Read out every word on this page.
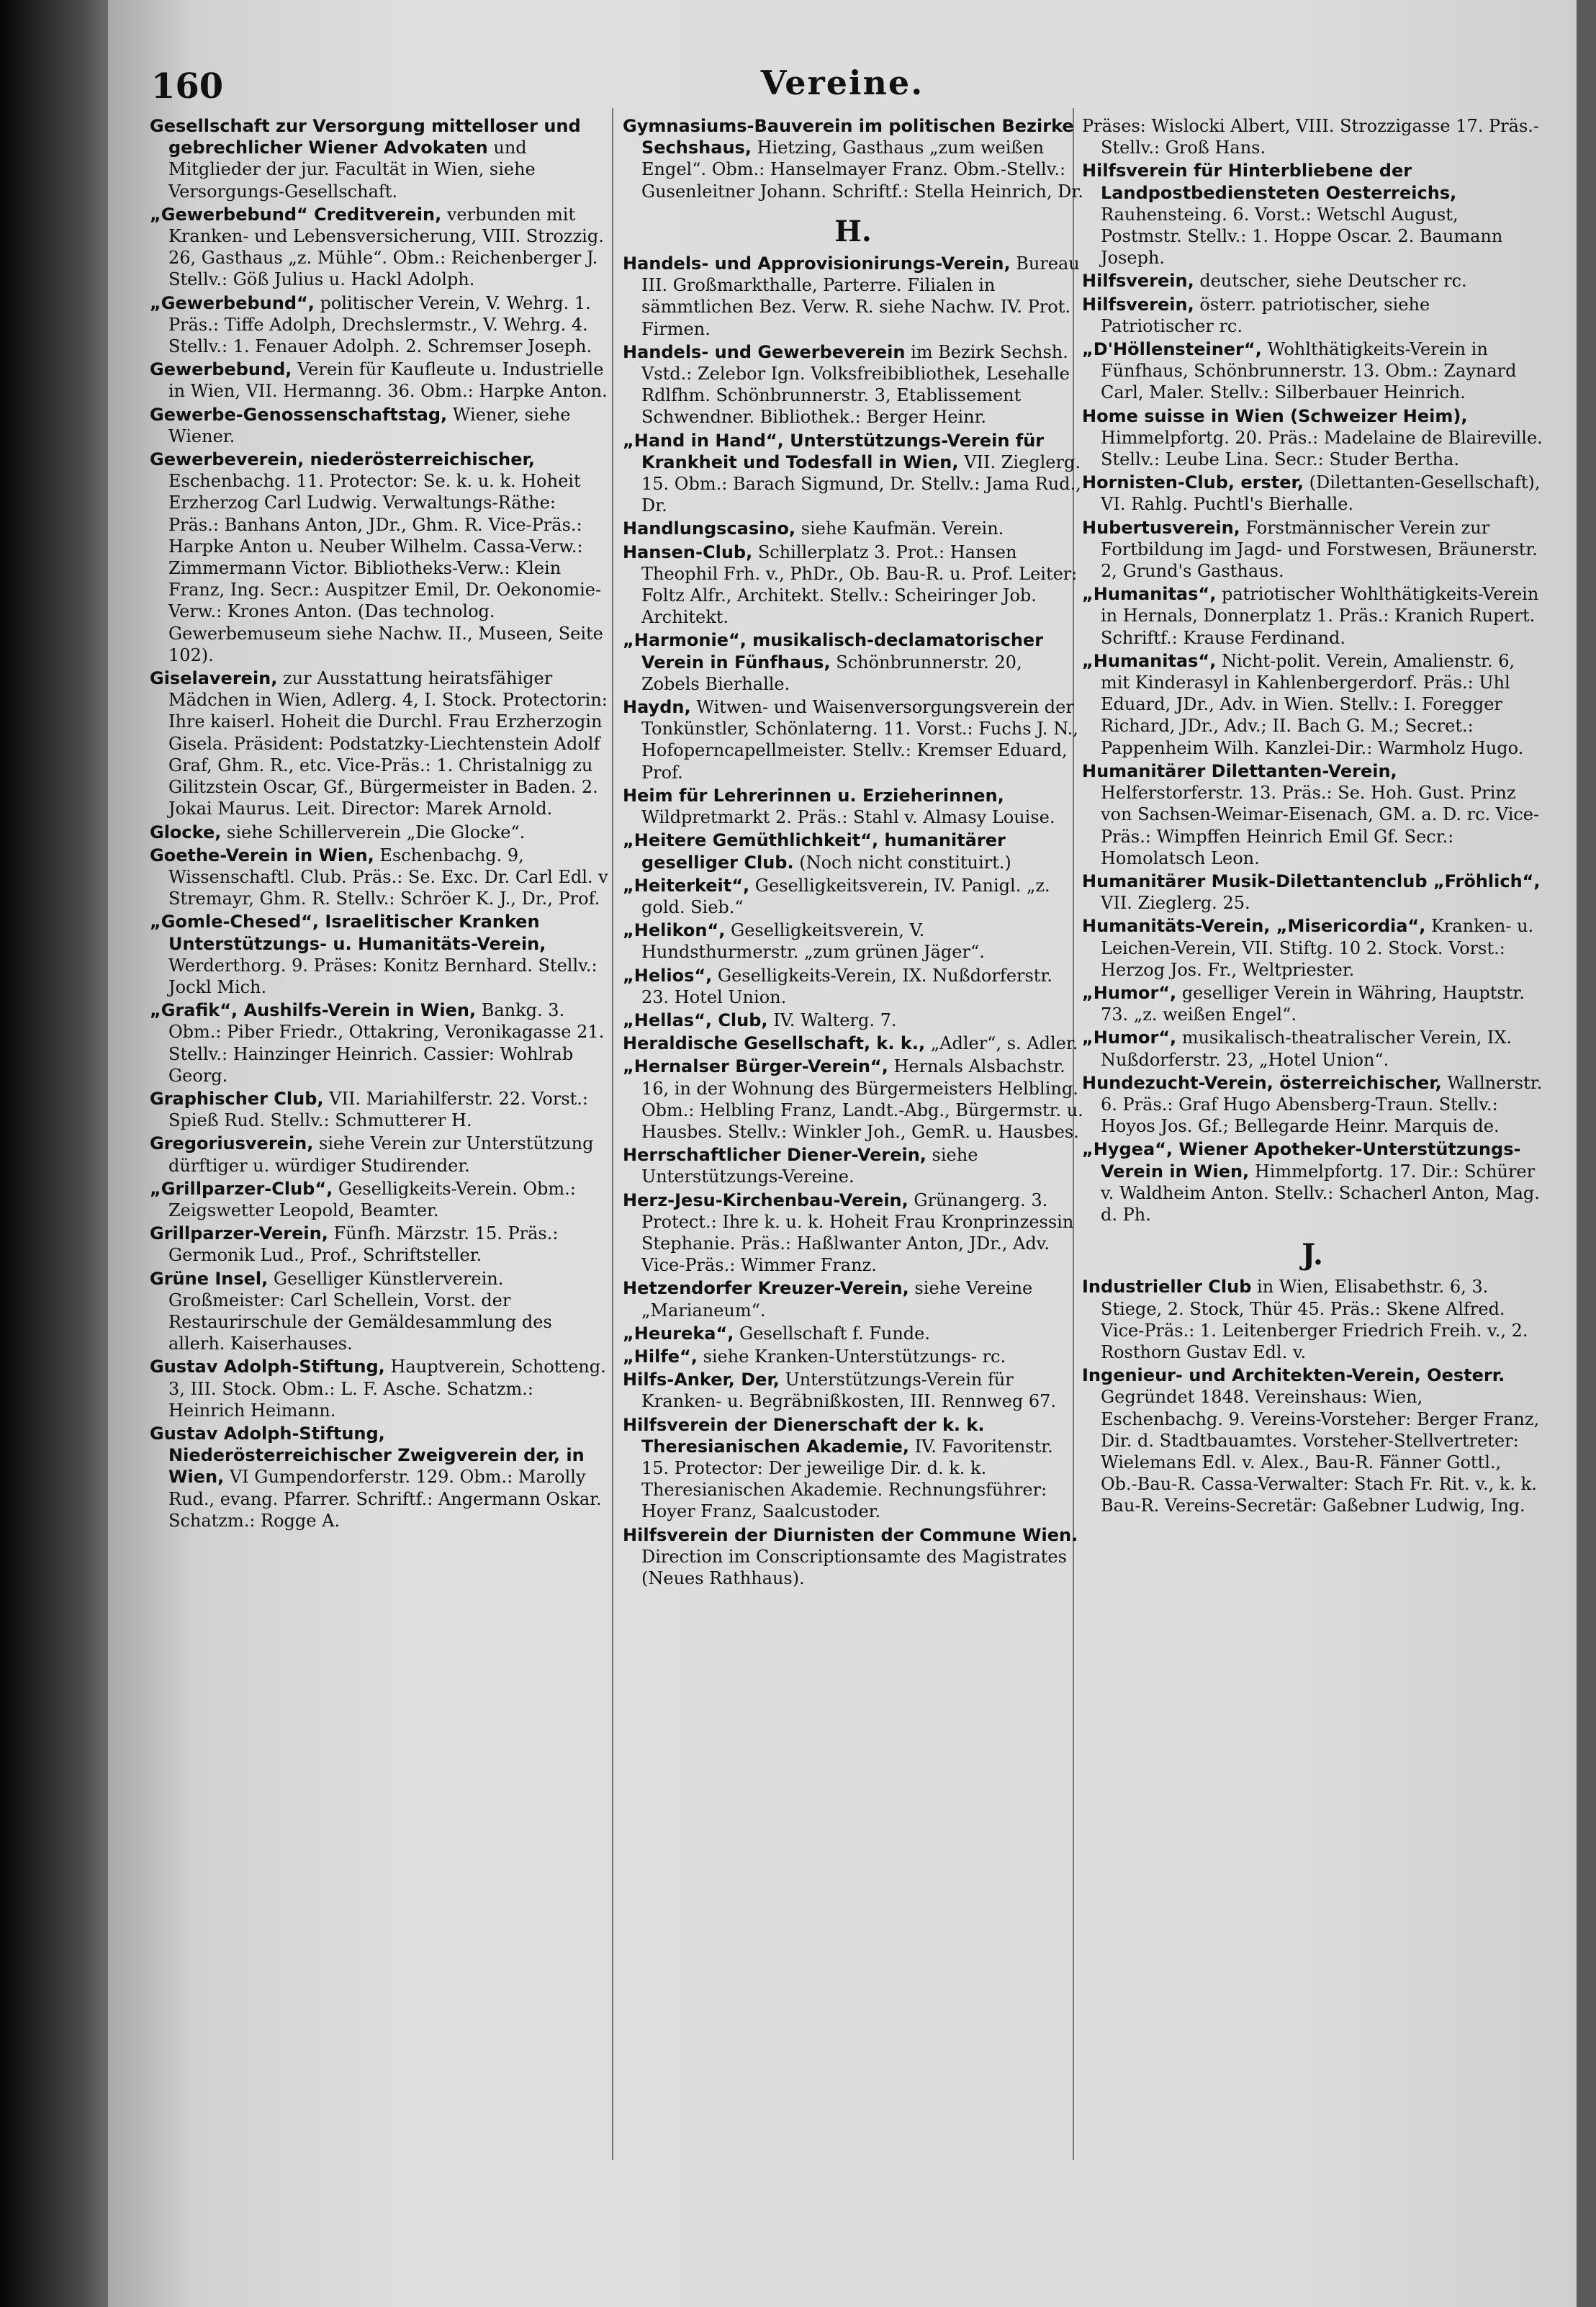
160	Vereine.

Gesellschaft zur Versorgung mittelloser und gebrechlicher Wiener Advokaten und Mitglieder der jur. Facultät in Wien, siehe Versorgungs-Gesellschaft.

„Gewerbebund“ Creditverein, verbunden mit Kranken- und Lebensversicherung, VIII. Strozzig. 26, Gasthaus „z. Mühle“. Obm.: Reichenberger J. Stellv.: Göß Julius u. Hackl Adolph.

„Gewerbebund“, politischer Verein, V. Wehrg. 1. Präs.: Tiffe Adolph, Drechslermstr., V. Wehrg. 4. Stellv.: 1. Fenauer Adolph. 2. Schremser Joseph.

Gewerbebund, Verein für Kaufleute u. Industrielle in Wien, VII. Hermanng. 36. Obm.: Harpke Anton.

Gewerbe-Genossenschaftstag, Wiener, siehe Wiener.

Gewerbeverein, niederösterreichischer, Eschenbachg. 11. Protector: Se. k. u. k. Hoheit Erzherzog Carl Ludwig. Verwaltungs-Räthe: Präs.: Banhans Anton, JDr., Ghm. R. Vice-Präs.: Harpke Anton u. Neuber Wilhelm. Cassa-Verw.: Zimmermann Victor. Bibliotheks-Verw.: Klein Franz, Ing. Secr.: Auspitzer Emil, Dr. Oekonomie-Verw.: Krones Anton. (Das technolog. Gewerbemuseum siehe Nachw. II., Museen, Seite 102).

Giselaverein, zur Ausstattung heiratsfähiger Mädchen in Wien, Adlerg. 4, I. Stock. Protectorin: Ihre kaiserl. Hoheit die Durchl. Frau Erzherzogin Gisela. Präsident: Podstatzky-Liechtenstein Adolf Graf, Ghm. R., etc. Vice-Präs.: 1. Christalnigg zu Gilitzstein Oscar, Gf., Bürgermeister in Baden. 2. Jokai Maurus. Leit. Director: Marek Arnold.

Glocke, siehe Schillerverein „Die Glocke“.

Goethe-Verein in Wien, Eschenbachg. 9, Wissenschaftl. Club. Präs.: Se. Exc. Dr. Carl Edl. v Stremayr, Ghm. R. Stellv.: Schröer K. J., Dr., Prof.

„Gomle-Chesed“, Israelitischer Kranken Unterstützungs- u. Humanitäts-Verein, Werderthorg. 9. Präses: Konitz Bernhard. Stellv.: Jockl Mich.

„Grafik“, Aushilfs-Verein in Wien, Bankg. 3. Obm.: Piber Friedr., Ottakring, Veronikagasse 21. Stellv.: Hainzinger Heinrich. Cassier: Wohlrab Georg.

Graphischer Club, VII. Mariahilferstr. 22. Vorst.: Spieß Rud. Stellv.: Schmutterer H.

Gregoriusverein, siehe Verein zur Unterstützung dürftiger u. würdiger Studirender.

„Grillparzer-Club“, Geselligkeits-Verein. Obm.: Zeigswetter Leopold, Beamter.

Grillparzer-Verein, Fünfh. Märzstr. 15. Präs.: Germonik Lud., Prof., Schriftsteller.

Grüne Insel, Geselliger Künstlerverein. Großmeister: Carl Schellein, Vorst. der Restaurirschule der Gemäldesammlung des allerh. Kaiserhauses.

Gustav Adolph-Stiftung, Hauptverein, Schotteng. 3, III. Stock. Obm.: L. F. Asche. Schatzm.: Heinrich Heimann.

Gustav Adolph-Stiftung, Niederösterreichischer Zweigverein der, in Wien, VI Gumpendorferstr. 129. Obm.: Marolly Rud., evang. Pfarrer. Schriftf.: Angermann Oskar. Schatzm.: Rogge A.

Gymnasiums-Bauverein im politischen Bezirke Sechshaus, Hietzing, Gasthaus „zum weißen Engel“. Obm.: Hanselmayer Franz. Obm.-Stellv.: Gusenleitner Johann. Schriftf.: Stella Heinrich, Dr.

H.

Handels- und Approvisionirungs-Verein, Bureau III. Großmarkthalle, Parterre. Filialen in sämmtlichen Bez. Verw. R. siehe Nachw. IV. Prot. Firmen.

Handels- und Gewerbeverein im Bezirk Sechsh. Vstd.: Zelebor Ign. Volksfreibibliothek, Lesehalle Rdlfhm. Schönbrunnerstr. 3, Etablissement Schwendner. Bibliothek.: Berger Heinr.

„Hand in Hand“, Unterstützungs-Verein für Krankheit und Todesfall in Wien, VII. Zieglerg. 15. Obm.: Barach Sigmund, Dr. Stellv.: Jama Rud., Dr.

Handlungscasino, siehe Kaufmän. Verein.

Hansen-Club, Schillerplatz 3. Prot.: Hansen Theophil Frh. v., PhDr., Ob. Bau-R. u. Prof. Leiter: Foltz Alfr., Architekt. Stellv.: Scheiringer Job. Architekt.

„Harmonie“, musikalisch-declamatorischer Verein in Fünfhaus, Schönbrunnerstr. 20, Zobels Bierhalle.

Haydn, Witwen- und Waisenversorgungsverein der Tonkünstler, Schönlaterng. 11. Vorst.: Fuchs J. N., Hofoperncapellmeister. Stellv.: Kremser Eduard, Prof.

Heim für Lehrerinnen u. Erzieherinnen, Wildpretmarkt 2. Präs.: Stahl v. Almasy Louise.

„Heitere Gemüthlichkeit“, humanitärer geselliger Club. (Noch nicht constituirt.)

„Heiterkeit“, Geselligkeitsverein, IV. Panigl. „z. gold. Sieb.“

„Helikon“, Geselligkeitsverein, V. Hundsthurmerstr. „zum grünen Jäger“.

„Helios“, Geselligkeits-Verein, IX. Nußdorferstr. 23. Hotel Union.

„Hellas“, Club, IV. Walterg. 7.

Heraldische Gesellschaft, k. k., „Adler“, s. Adler.

„Hernalser Bürger-Verein“, Hernals Alsbachstr. 16, in der Wohnung des Bürgermeisters Helbling. Obm.: Helbling Franz, Landt.-Abg., Bürgermstr. u. Hausbes. Stellv.: Winkler Joh., GemR. u. Hausbes.

Herrschaftlicher Diener-Verein, siehe Unterstützungs-Vereine.

Herz-Jesu-Kirchenbau-Verein, Grünangerg. 3. Protect.: Ihre k. u. k. Hoheit Frau Kronprinzessin Stephanie. Präs.: Haßlwanter Anton, JDr., Adv. Vice-Präs.: Wimmer Franz.

Hetzendorfer Kreuzer-Verein, siehe Vereine „Marianeum“.

„Heureka“, Gesellschaft f. Funde.

„Hilfe“, siehe Kranken-Unterstützungs- rc.

Hilfs-Anker, Der, Unterstützungs-Verein für Kranken- u. Begräbnißkosten, III. Rennweg 67.

Hilfsverein der Dienerschaft der k. k. Theresianischen Akademie, IV. Favoritenstr. 15. Protector: Der jeweilige Dir. d. k. k. Theresianischen Akademie. Rechnungsführer: Hoyer Franz, Saalcustoder.

Hilfsverein der Diurnisten der Commune Wien. Direction im Conscriptionsamte des Magistrates (Neues Rathhaus).

Präses: Wislocki Albert, VIII. Strozzigasse 17. Präs.-Stellv.: Groß Hans.

Hilfsverein für Hinterbliebene der Landpostbediensteten Oesterreichs, Rauhensteing. 6. Vorst.: Wetschl August, Postmstr. Stellv.: 1. Hoppe Oscar. 2. Baumann Joseph.

Hilfsverein, deutscher, siehe Deutscher rc.

Hilfsverein, österr. patriotischer, siehe Patriotischer rc.

„D'Höllensteiner“, Wohlthätigkeits-Verein in Fünfhaus, Schönbrunnerstr. 13. Obm.: Zaynard Carl, Maler. Stellv.: Silberbauer Heinrich.

Home suisse in Wien (Schweizer Heim), Himmelpfortg. 20. Präs.: Madelaine de Blaireville. Stellv.: Leube Lina. Secr.: Studer Bertha.

Hornisten-Club, erster, (Dilettanten-Gesellschaft), VI. Rahlg. Puchtl's Bierhalle.

Hubertusverein, Forstmännischer Verein zur Fortbildung im Jagd- und Forstwesen, Bräunerstr. 2, Grund's Gasthaus.

„Humanitas“, patriotischer Wohlthätigkeits-Verein in Hernals, Donnerplatz 1. Präs.: Kranich Rupert. Schriftf.: Krause Ferdinand.

„Humanitas“, Nicht-polit. Verein, Amalienstr. 6, mit Kinderasyl in Kahlenbergerdorf. Präs.: Uhl Eduard, JDr., Adv. in Wien. Stellv.: I. Foregger Richard, JDr., Adv.; II. Bach G. M.; Secret.: Pappenheim Wilh. Kanzlei-Dir.: Warmholz Hugo.

Humanitärer Dilettanten-Verein, Helferstorferstr. 13. Präs.: Se. Hoh. Gust. Prinz von Sachsen-Weimar-Eisenach, GM. a. D. rc. Vice-Präs.: Wimpffen Heinrich Emil Gf. Secr.: Homolatsch Leon.

Humanitärer Musik-Dilettantenclub „Fröhlich“, VII. Zieglerg. 25.

Humanitäts-Verein, „Misericordia“, Kranken- u. Leichen-Verein, VII. Stiftg. 10 2. Stock. Vorst.: Herzog Jos. Fr., Weltpriester.

„Humor“, geselliger Verein in Währing, Hauptstr. 73. „z. weißen Engel“.

„Humor“, musikalisch-theatralischer Verein, IX. Nußdorferstr. 23, „Hotel Union“.

Hundezucht-Verein, österreichischer, Wallnerstr. 6. Präs.: Graf Hugo Abensberg-Traun. Stellv.: Hoyos Jos. Gf.; Bellegarde Heinr. Marquis de.

„Hygea“, Wiener Apotheker-Unterstützungs-Verein in Wien, Himmelpfortg. 17. Dir.: Schürer v. Waldheim Anton. Stellv.: Schacherl Anton, Mag. d. Ph.

J.

Industrieller Club in Wien, Elisabethstr. 6, 3. Stiege, 2. Stock, Thür 45. Präs.: Skene Alfred. Vice-Präs.: 1. Leitenberger Friedrich Freih. v., 2. Rosthorn Gustav Edl. v.

Ingenieur- und Architekten-Verein, Oesterr. Gegründet 1848. Vereinshaus: Wien, Eschenbachg. 9. Vereins-Vorsteher: Berger Franz, Dir. d. Stadtbauamtes. Vorsteher-Stellvertreter: Wielemans Edl. v. Alex., Bau-R. Fänner Gottl., Ob.-Bau-R. Cassa-Verwalter: Stach Fr. Rit. v., k. k. Bau-R. Vereins-Secretär: Gaßebner Ludwig, Ing.
